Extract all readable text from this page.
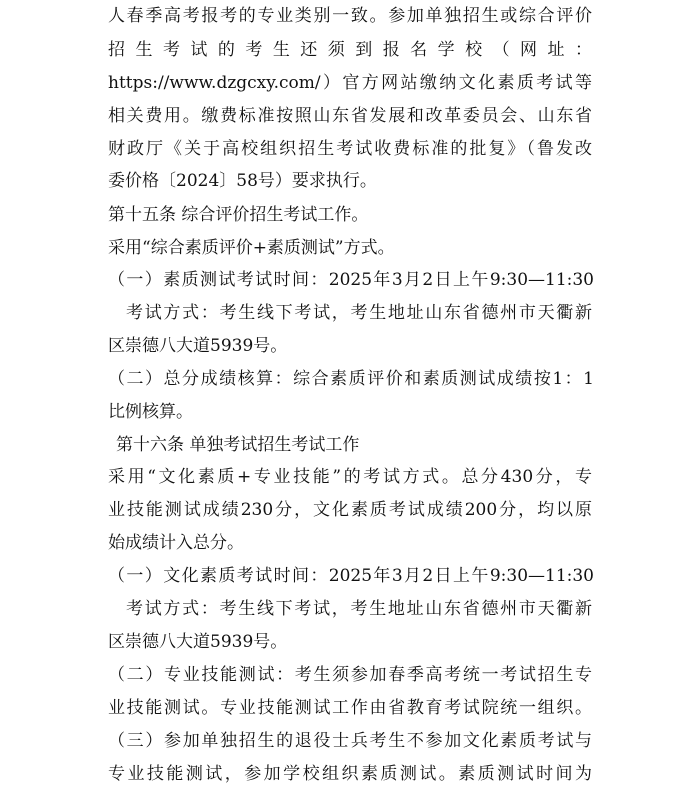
人春季高考报考的专业类别一致。参加单独招生或综合评价
招 生 考 试 的 考 生 还 须 到 报 名 学 校 （ 网 址 ：
https://www.dzgcxy.com/）官方网站缴纳文化素质考试等
相关费用。缴费标准按照山东省发展和改革委员会、山东省
财政厅《关于高校组织招生考试收费标准的批复》（鲁发改
委价格〔2024〕58号）要求执行。
第十五条 综合评价招生考试工作。
采用“综合素质评价+素质测试”方式。
（一）素质测试考试时间：2025年3月2日上午9:30—11:30
考试方式：考生线下考试，考生地址山东省德州市天衢新
区崇德八大道5939号。
（二）总分成绩核算：综合素质评价和素质测试成绩按1：1
比例核算。
第十六条 单独考试招生考试工作
采用“文化素质+专业技能”的考试方式。总分430分，专
业技能测试成绩230分，文化素质考试成绩200分，均以原
始成绩计入总分。
（一）文化素质考试时间：2025年3月2日上午9:30—11:30
考试方式：考生线下考试，考生地址山东省德州市天衢新
区崇德八大道5939号。
（二）专业技能测试：考生须参加春季高考统一考试招生专
业技能测试。专业技能测试工作由省教育考试院统一组织。
（三）参加单独招生的退役士兵考生不参加文化素质考试与
专业技能测试，参加学校组织素质测试。素质测试时间为
